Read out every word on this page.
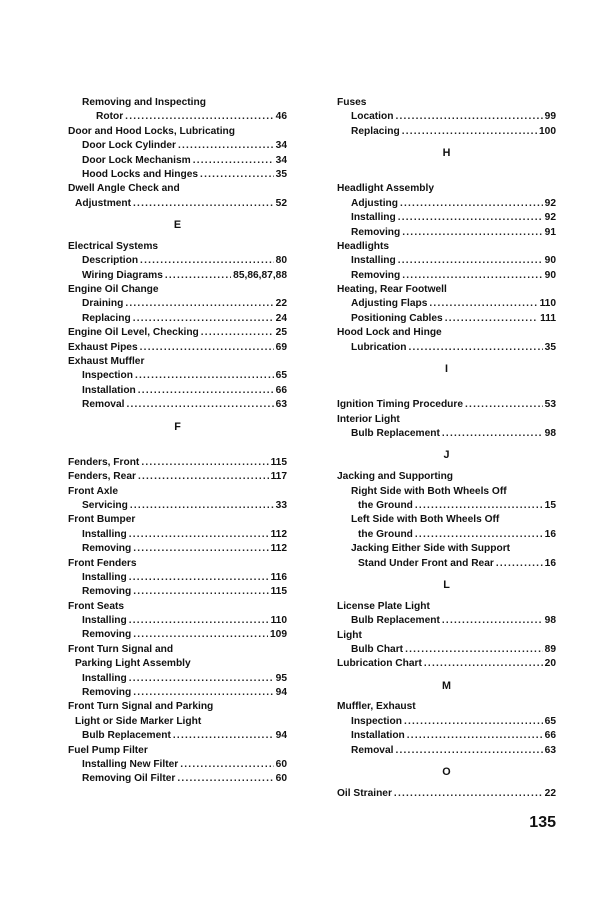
Removing and Inspecting
Rotor .....	46
Door and Hood Locks, Lubricating
Door Lock Cylinder .....	34
Door Lock Mechanism .....	34
Hood Locks and Hinges .....	35
Dwell Angle Check and
Adjustment .....	52
E
Electrical Systems
Description .....	80
Wiring Diagrams .....	85,86,87,88
Engine Oil Change
Draining .....	22
Replacing .....	24
Engine Oil Level, Checking .....	25
Exhaust Pipes .....	69
Exhaust Muffler
Inspection .....	65
Installation .....	66
Removal .....	63
F
Fenders, Front .....	115
Fenders, Rear .....	117
Front Axle
Servicing .....	33
Front Bumper
Installing .....	112
Removing .....	112
Front Fenders
Installing .....	116
Removing .....	115
Front Seats
Installing .....	110
Removing .....	109
Front Turn Signal and
Parking Light Assembly
Installing .....	95
Removing .....	94
Front Turn Signal and Parking
Light or Side Marker Light
Bulb Replacement .....	94
Fuel Pump Filter
Installing New Filter .....	60
Removing Oil Filter .....	60
Fuses
Location .....	99
Replacing .....	100
H
Headlight Assembly
Adjusting .....	92
Installing .....	92
Removing .....	91
Headlights
Installing .....	90
Removing .....	90
Heating, Rear Footwell
Adjusting Flaps .....	110
Positioning Cables .....	111
Hood Lock and Hinge
Lubrication .....	35
I
Ignition Timing Procedure .....	53
Interior Light
Bulb Replacement .....	98
J
Jacking and Supporting
Right Side with Both Wheels Off
the Ground .....	15
Left Side with Both Wheels Off
the Ground .....	16
Jacking Either Side with Support
Stand Under Front and Rear .....	16
L
License Plate Light
Bulb Replacement .....	98
Light
Bulb Chart .....	89
Lubrication Chart .....	20
M
Muffler, Exhaust
Inspection .....	65
Installation .....	66
Removal .....	63
O
Oil Strainer .....	22
135
